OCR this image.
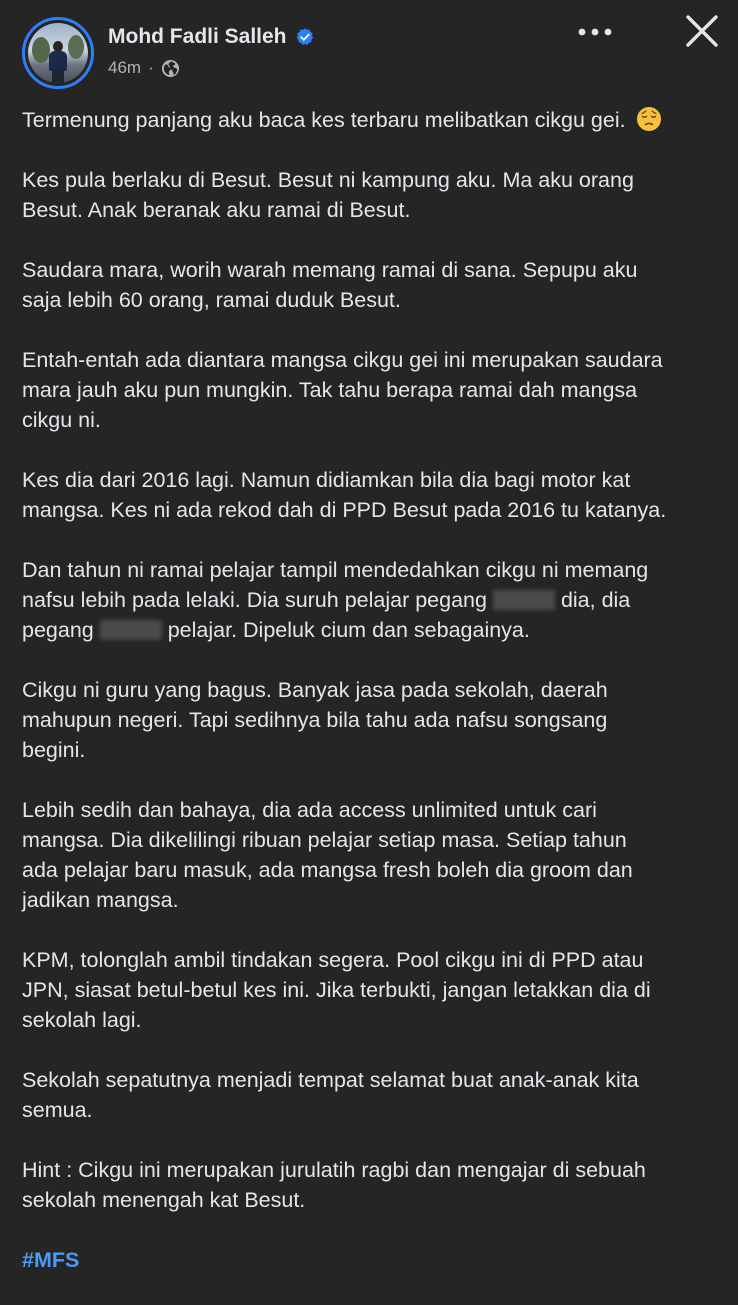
Mohd Fadli Salleh
46m ·

Termenung panjang aku baca kes terbaru melibatkan cikgu gei.

Kes pula berlaku di Besut. Besut ni kampung aku. Ma aku orang
Besut. Anak beranak aku ramai di Besut.

Saudara mara, worih warah memang ramai di sana. Sepupu aku
saja lebih 60 orang, ramai duduk Besut.

Entah-entah ada diantara mangsa cikgu gei ini merupakan saudara
mara jauh aku pun mungkin. Tak tahu berapa ramai dah mangsa
cikgu ni.

Kes dia dari 2016 lagi. Namun didiamkan bila dia bagi motor kat
mangsa. Kes ni ada rekod dah di PPD Besut pada 2016 tu katanya.

Dan tahun ni ramai pelajar tampil mendedahkan cikgu ni memang
nafsu lebih pada lelaki. Dia suruh pelajar pegang	dia, dia
pegang	pelajar. Dipeluk cium dan sebagainya.

Cikgu ni guru yang bagus. Banyak jasa pada sekolah, daerah
mahupun negeri. Tapi sedihnya bila tahu ada nafsu songsang
begini.

Lebih sedih dan bahaya, dia ada access unlimited untuk cari
mangsa. Dia dikelilingi ribuan pelajar setiap masa. Setiap tahun
ada pelajar baru masuk, ada mangsa fresh boleh dia groom dan
jadikan mangsa.

KPM, tolonglah ambil tindakan segera. Pool cikgu ini di PPD atau
JPN, siasat betul-betul kes ini. Jika terbukti, jangan letakkan dia di
sekolah lagi.

Sekolah sepatutnya menjadi tempat selamat buat anak-anak kita
semua.

Hint : Cikgu ini merupakan jurulatih ragbi dan mengajar di sebuah
sekolah menengah kat Besut.

#MFS
